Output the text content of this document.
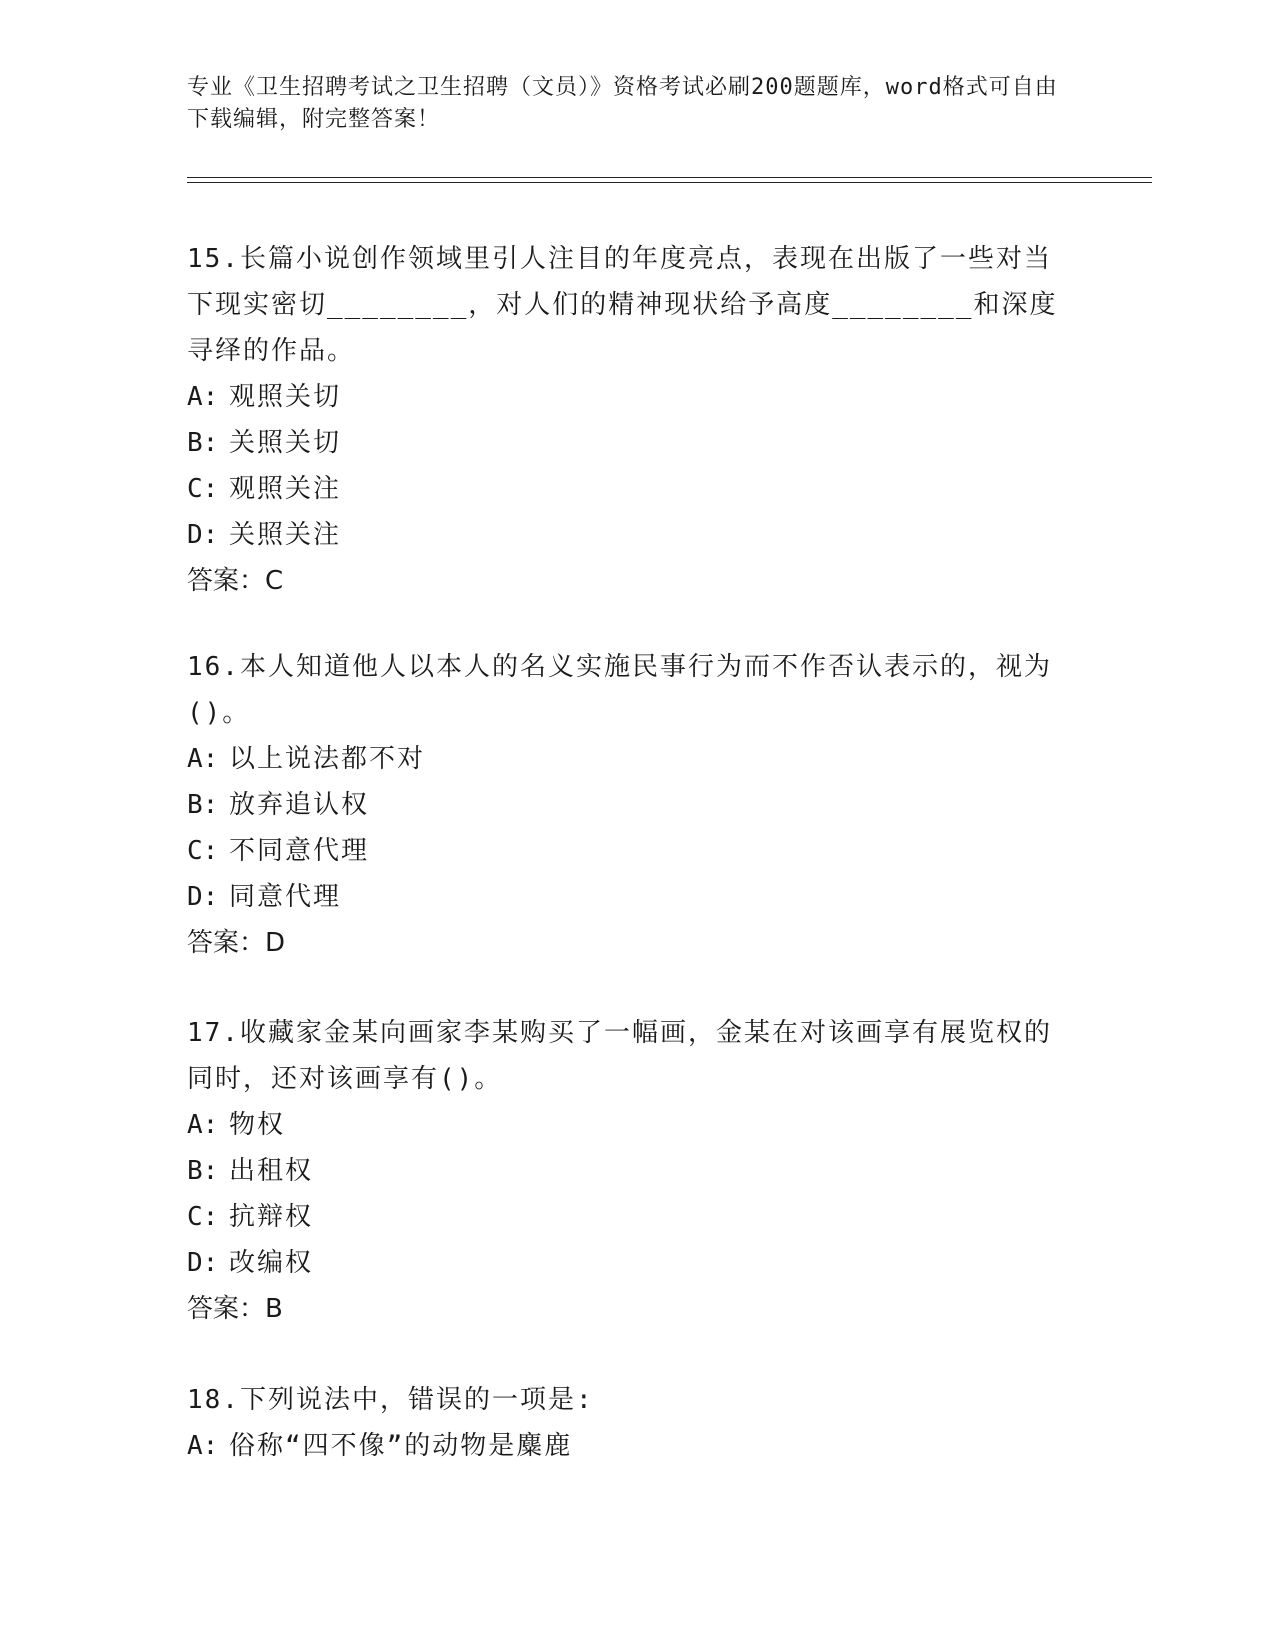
专业《卫生招聘考试之卫生招聘（文员）》资格考试必刷200题题库，word格式可自由下载编辑，附完整答案！

15.长篇小说创作领域里引人注目的年度亮点，表现在出版了一些对当下现实密切________，对人们的精神现状给予高度________和深度寻绎的作品。

A: 观照关切
B: 关照关切
C: 观照关注
D: 关照关注
答案：C

16.本人知道他人以本人的名义实施民事行为而不作否认表示的，视为()。

A: 以上说法都不对
B: 放弃追认权
C: 不同意代理
D: 同意代理
答案：D

17.收藏家金某向画家李某购买了一幅画，金某在对该画享有展览权的同时，还对该画享有()。

A: 物权
B: 出租权
C: 抗辩权
D: 改编权
答案：B

18.下列说法中，错误的一项是:

A: 俗称“四不像”的动物是麋鹿
